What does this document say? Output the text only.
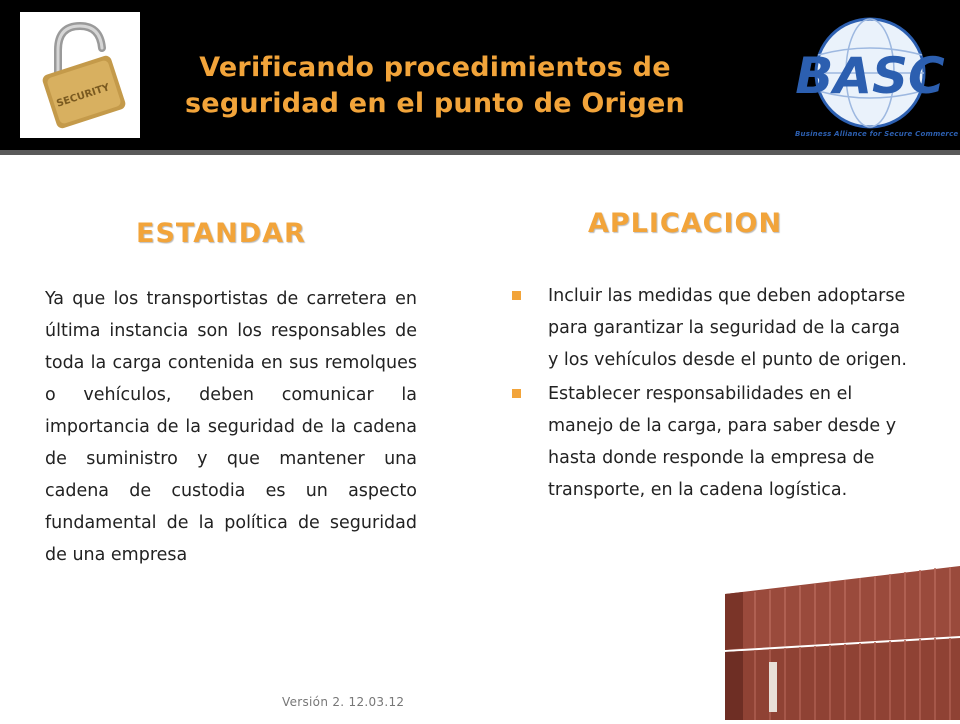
SECURITY
Verificando procedimientos de seguridad en el punto de Origen	BASC
Business Alliance for Secure Commerce
ESTANDAR
Ya que los transportistas de carretera en última instancia son los responsables de toda la carga contenida en sus remolques o vehículos, deben comunicar la importancia de la seguridad de la cadena de suministro y que mantener una cadena de custodia es un aspecto fundamental de la política de seguridad de una empresa
APLICACION
Incluir las medidas que deben adoptarse para garantizar la seguridad de la carga y los vehículos desde el punto de origen.
Establecer responsabilidades en el manejo de la carga, para saber desde y hasta donde responde la empresa de transporte, en la cadena logística.
Versión 2. 12.03.12
